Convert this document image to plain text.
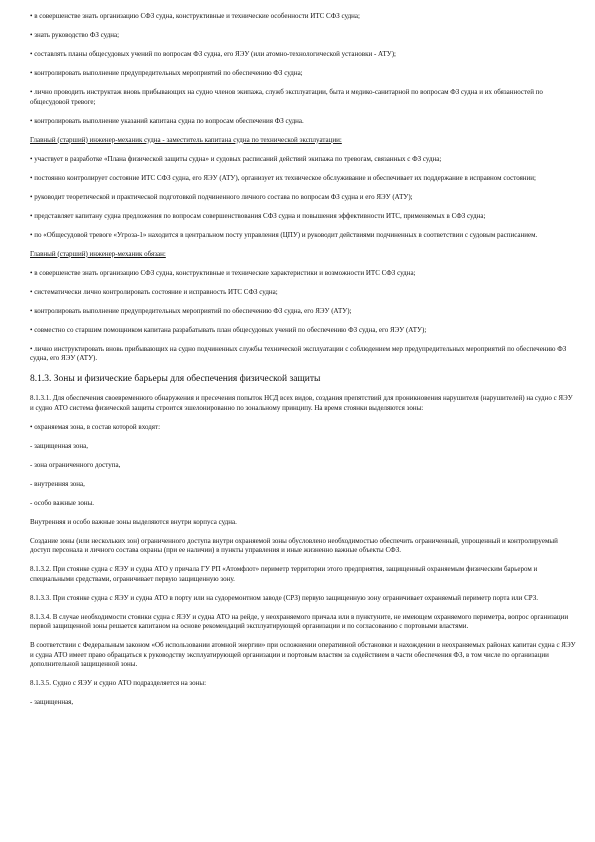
• в совершенстве знать организацию СФЗ судна, конструктивные и технические особенности ИТС СФЗ судна;

• знать руководство ФЗ судна;

• составлять планы общесудовых учений по вопросам ФЗ судна, его ЯЭУ (или атомно-технологической установки - АТУ);

• контролировать выполнение предупредительных мероприятий по обеспечению ФЗ судна;

• лично проводить инструктаж вновь прибывающих на судно членов экипажа, служб эксплуатации, быта и медико-санитарной по вопросам ФЗ судна и их обязанностей по общесудовой тревоге;

• контролировать выполнение указаний капитана судна по вопросам обеспечения ФЗ судна.

Главный (старший) инженер-механик судна - заместитель капитана судна по технической эксплуатации:

• участвует в разработке «Плана физической защиты судна» и судовых расписаний действий экипажа по тревогам, связанных с ФЗ судна;

• постоянно контролирует состояние ИТС СФЗ судна, его ЯЭУ (АТУ), организует их техническое обслуживание и обеспечивает их поддержание в исправном состоянии;

• руководит теоретической и практической подготовкой подчиненного личного состава по вопросам ФЗ судна и его ЯЭУ (АТУ);

• представляет капитану судна предложения по вопросам совершенствования СФЗ судна и повышения эффективности ИТС, применяемых в СФЗ судна;

• по «Общесудовой тревоге «Угроза-1» находится в центральном посту управления (ЦПУ) и руководит действиями подчиненных в соответствии с судовым расписанием.

Главный (старший) инженер-механик обязан:

• в совершенстве знать организацию СФЗ судна, конструктивные и технические характеристики и возможности ИТС СФЗ судна;

• систематически лично контролировать состояние и исправность ИТС СФЗ судна;

• контролировать выполнение предупредительных мероприятий по обеспечению ФЗ судна, его ЯЭУ (АТУ);

• совместно со старшим помощником капитана разрабатывать план общесудовых учений по обеспечению ФЗ судна, его ЯЭУ (АТУ);

• лично инструктировать вновь прибывающих на судно подчиненных службы технической эксплуатации с соблюдением мер предупредительных мероприятий по обеспечению ФЗ судна, его ЯЭУ (АТУ).

8.1.3. Зоны и физические барьеры для обеспечения физической защиты

8.1.3.1. Для обеспечения своевременного обнаружения и пресечения попыток НСД всех видов, создания препятствий для проникновения нарушителя (нарушителей) на судно с ЯЭУ и судно АТО система физической защиты строится эшелонированно по зональному принципу. На время стоянки выделяются зоны:

• охраняемая зона, в состав которой входят:

- защищенная зона,

- зона ограниченного доступа,

- внутренняя зона,

- особо важные зоны.

Внутренняя и особо важные зоны выделяются внутри корпуса судна.

Создание зоны (или нескольких зон) ограниченного доступа внутри охраняемой зоны обусловлено необходимостью обеспечить ограниченный, упрощенный и контролируемый доступ персонала и личного состава охраны (при ее наличии) в пункты управления и иные жизненно важные объекты СФЗ.

8.1.3.2. При стоянке судна с ЯЭУ и судна АТО у причала ГУ РП «Атомфлот» периметр территории этого предприятия, защищенный охраняемым физическим барьером и специальными средствами, ограничивает первую защищенную зону.

8.1.3.3. При стоянке судна с ЯЭУ и судна АТО в порту или на судоремонтном заводе (СРЗ) первую защищенную зону ограничивает охраняемый периметр порта или СРЗ.

8.1.3.4. В случае необходимости стоянки судна с ЯЭУ и судна АТО на рейде, у неохраняемого причала или в пунктуните, не имеющем охраняемого периметра, вопрос организации первой защищенной зоны решается капитаном на основе рекомендаций эксплуатирующей организации и по согласованию с портовыми властями.

В соответствии с Федеральным законом «Об использовании атомной энергии» при осложнении оперативной обстановки и нахождении в неохраняемых районах капитан судна с ЯЭУ и судна АТО имеет право обращаться к руководству эксплуатирующей организации и портовым властям за содействием в части обеспечения ФЗ, в том числе по организации дополнительной защищенной зоны.

8.1.3.5. Судно с ЯЭУ и судно АТО подразделяется на зоны:

- защищенная,
